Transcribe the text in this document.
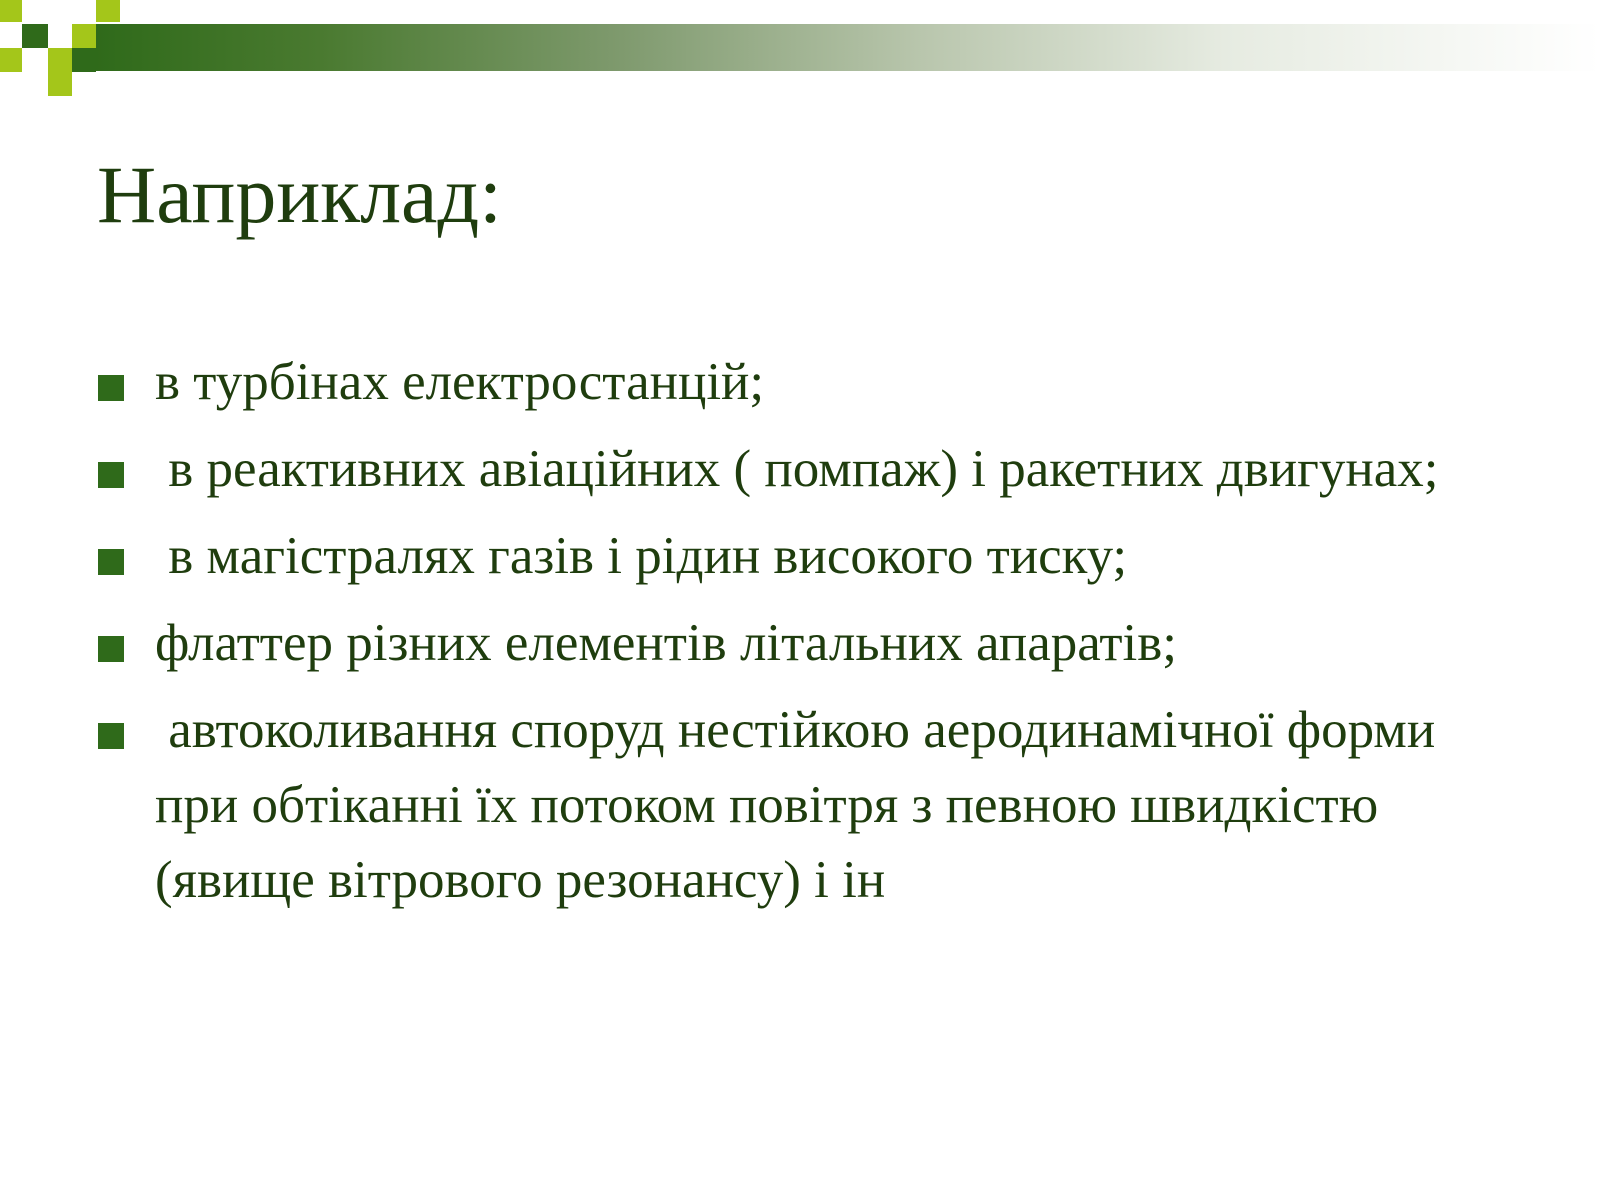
Наприклад:
в турбінах електростанцій;
в реактивних авіаційних ( помпаж) і ракетних двигунах;
в магістралях газів і рідин високого тиску;
флаттер різних елементів літальних апаратів;
автоколивання споруд нестійкою аеродинамічної форми при обтіканні їх потоком повітря з певною швидкістю (явище вітрового резонансу) і ін
